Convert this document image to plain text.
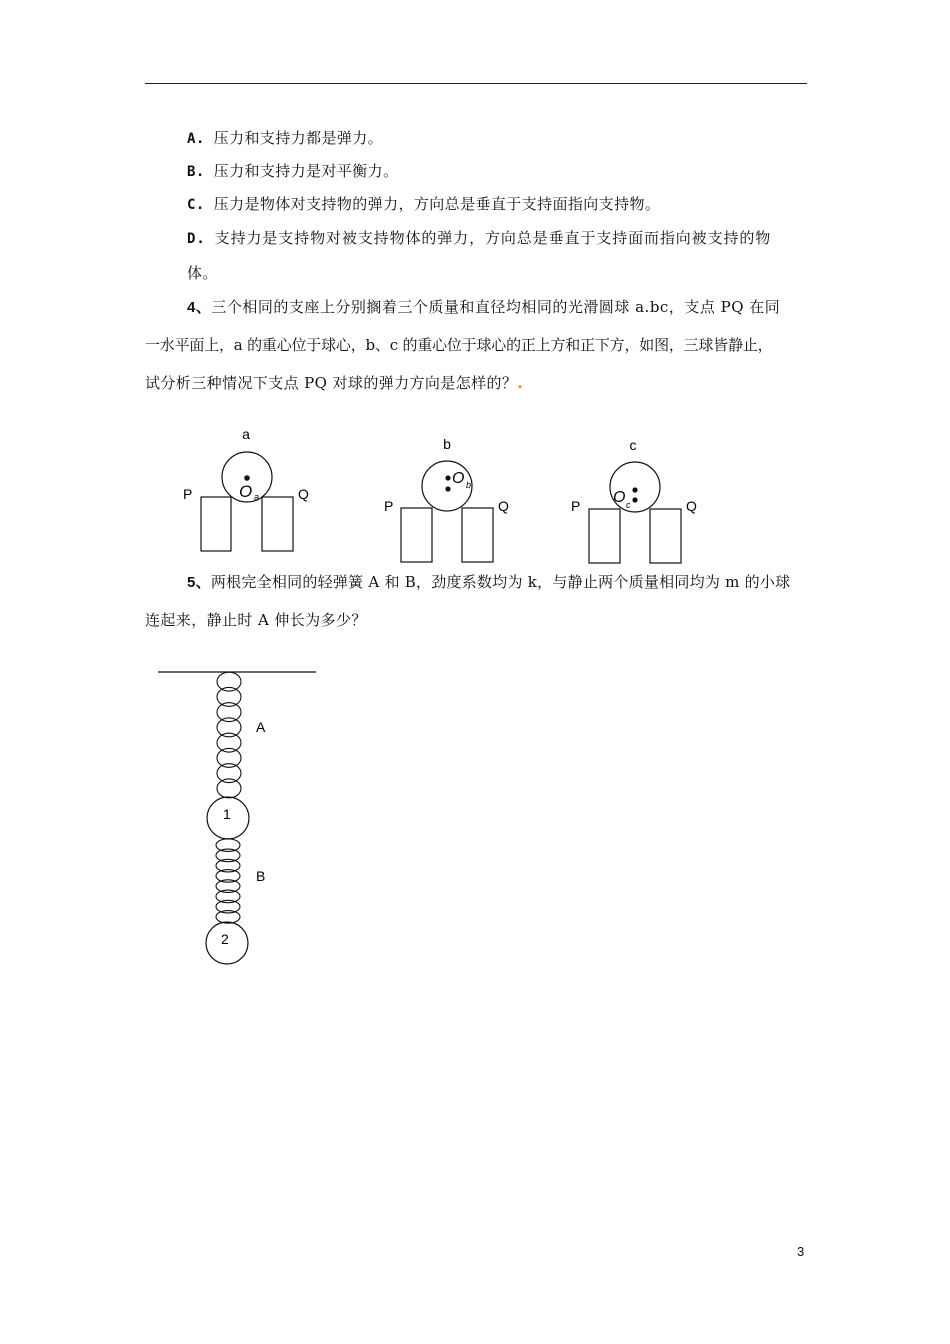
A. 压力和支持力都是弹力。
B. 压力和支持力是对平衡力。
C. 压力是物体对支持物的弹力，方向总是垂直于支持面指向支持物。
D. 支持力是支持物对被支持物体的弹力，方向总是垂直于支持面而指向被支持的物
体。
4、三个相同的支座上分别搁着三个质量和直径均相同的光滑圆球 a.bc，支点 PQ 在同
一水平面上，a 的重心位于球心，b、c 的重心位于球心的正上方和正下方，如图，三球皆静止，
试分析三种情况下支点 PQ 对球的弹力方向是怎样的？.
a
O a
P	Q
b
O b
P	Q
c
O c
P	Q
5、两根完全相同的轻弹簧 A 和 B，劲度系数均为 k，与静止两个质量相同均为 m 的小球
连起来，静止时 A 伸长为多少？
A
1
B
2
3
